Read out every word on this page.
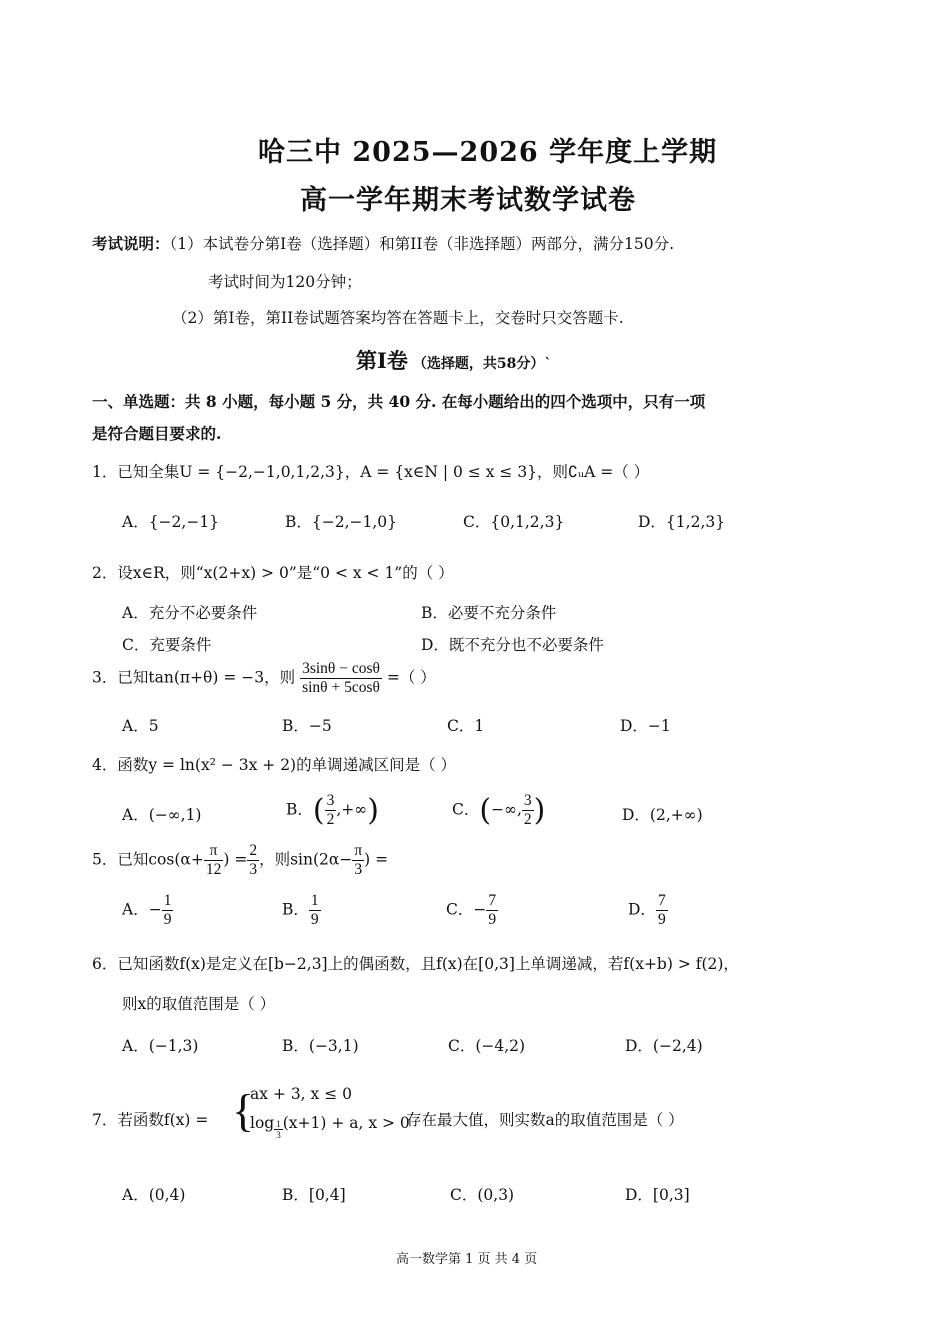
哈三中 2025—2026 学年度上学期
高一学年期末考试数学试卷
考试说明：（1）本试卷分第I卷（选择题）和第II卷（非选择题）两部分，满分150分.
考试时间为120分钟；
（2）第I卷，第II卷试题答案均答在答题卡上，交卷时只交答题卡.
第I卷 （选择题，共58分）`
一、单选题：共 8 小题，每小题 5 分，共 40 分. 在每小题给出的四个选项中，只有一项
是符合题目要求的.
1．已知全集U = {−2,−1,0,1,2,3}，A = {x∈N | 0 ≤ x ≤ 3}，则∁ᵤA =（ ）
A．{−2,−1}	B．{−2,−1,0}	C．{0,1,2,3}	D．{1,2,3}
2．设x∈R，则“x(2+x) > 0”是“0 < x < 1”的（ ）
A．充分不必要条件	B．必要不充分条件
C．充要条件	D．既不充分也不必要条件
3．已知tan(π+θ) = −3，则 $\frac{3\sin\theta - \cos\theta}{\sin\theta + 5\cos\theta}$ =（ ）
A．5	B．−5	C．1	D．−1
4．函数y = ln(x² − 3x + 2)的单调递减区间是（ ）
A．(−∞,1)	B．( $\frac{3}{2}$ ,+∞)	C．(−∞, $\frac{3}{2}$ )	D．(2,+∞)
5．已知$\cos(\alpha+ \frac{\pi}{12}$ ) = $\frac{2}{3}$ ，则$\sin(2\alpha- \frac{\pi}{3}$ ) =
A．− $\frac{1}{9}$	B． $\frac{1}{9}$	C．− $\frac{7}{9}$	D． $\frac{7}{9}$
6．已知函数f(x)是定义在[b−2,3]上的偶函数，且f(x)在[0,3]上单调递减，若f(x+b) > f(2)，
则x的取值范围是（ ）
A．(−1,3)	B．(−3,1)	C．(−4,2)	D．(−2,4)
7．若函数f(x) = {
ax + 3, x ≤ 0
$\log \frac{1}{3} (x+1) + a$, x > 0
存在最大值，则实数a的取值范围是（ ）
A．(0,4)	B．[0,4]	C．(0,3)	D．[0,3]
高一数学第 1 页 共 4 页
